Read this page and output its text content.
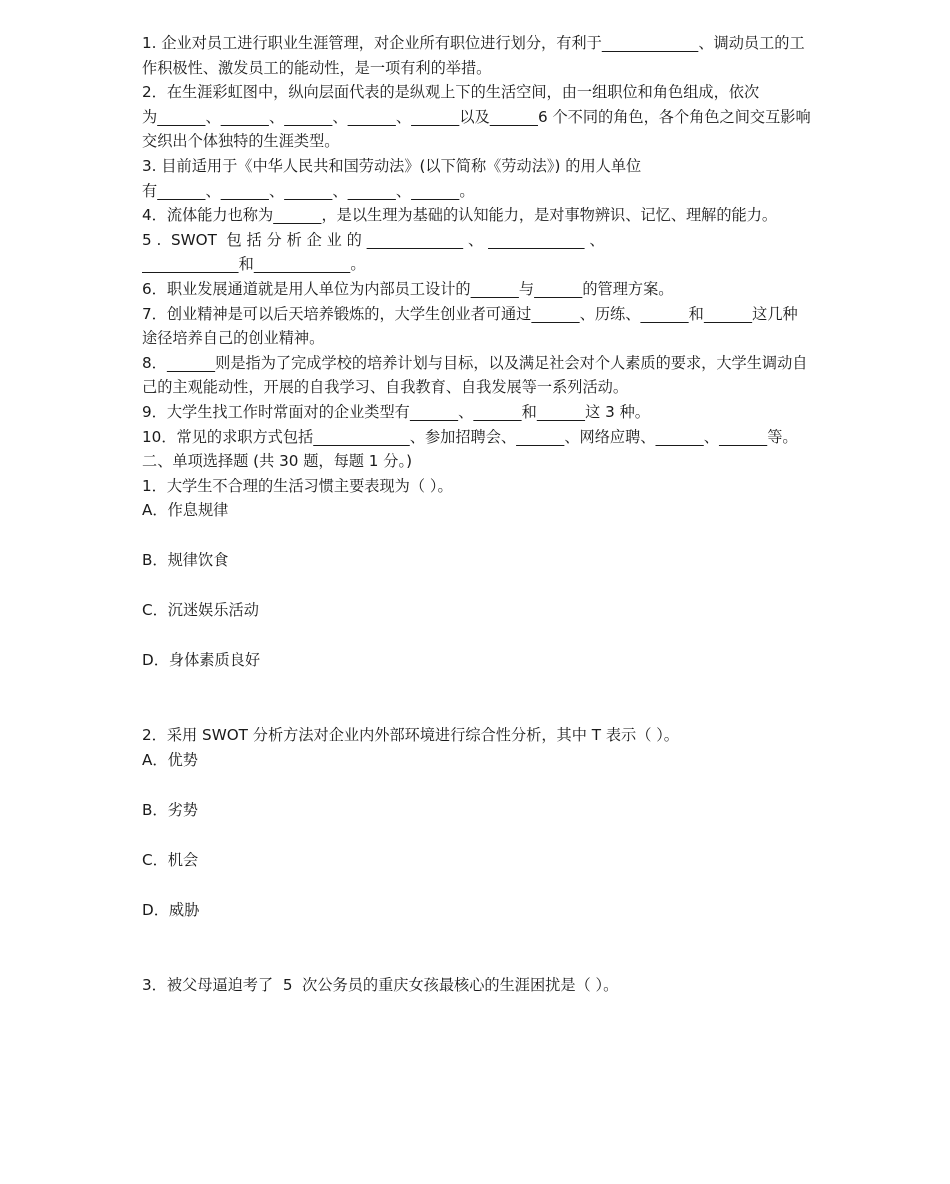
1. 企业对员工进行职业生涯管理，对企业所有职位进行划分，有利于	、调动员工的工作积极性、激发员工的能动性，是一项有利的举措。
2．在生涯彩虹图中，纵向层面代表的是纵观上下的生活空间，由一组职位和角色组成，依次为	、	、	、	、	以及	6 个不同的角色，各个角色之间交互影响交织出个体独特的生涯类型。
3. 目前适用于《中华人民共和国劳动法》(以下简称《劳动法》) 的用人单位有	、	、	、	、	。
4．流体能力也称为	，是以生理为基础的认知能力，是对事物辨识、记忆、理解的能力。
5 .  SWOT  包 括 分 析 企 业 的	、	、                     和	。
6．职业发展通道就是用人单位为内部员工设计的	与	的管理方案。
7．创业精神是可以后天培养锻炼的，大学生创业者可通过	、历练、	和	这几种途径培养自己的创业精神。
8．	则是指为了完成学校的培养计划与目标，以及满足社会对个人素质的要求，大学生调动自己的主观能动性，开展的自我学习、自我教育、自我发展等一系列活动。
9．大学生找工作时常面对的企业类型有	、	和	这 3 种。
10．常见的求职方式包括	、参加招聘会、	、网络应聘、	、	等。
二、单项选择题 (共 30 题，每题 1 分。)
1．大学生不合理的生活习惯主要表现为（ ）。
A．作息规律
B．规律饮食
C．沉迷娱乐活动
D．身体素质良好
2．采用 SWOT 分析方法对企业内外部环境进行综合性分析，其中 T 表示（ ）。
A．优势
B．劣势
C．机会
D．威胁
3．被父母逼迫考了  5  次公务员的重庆女孩最核心的生涯困扰是（ ）。
